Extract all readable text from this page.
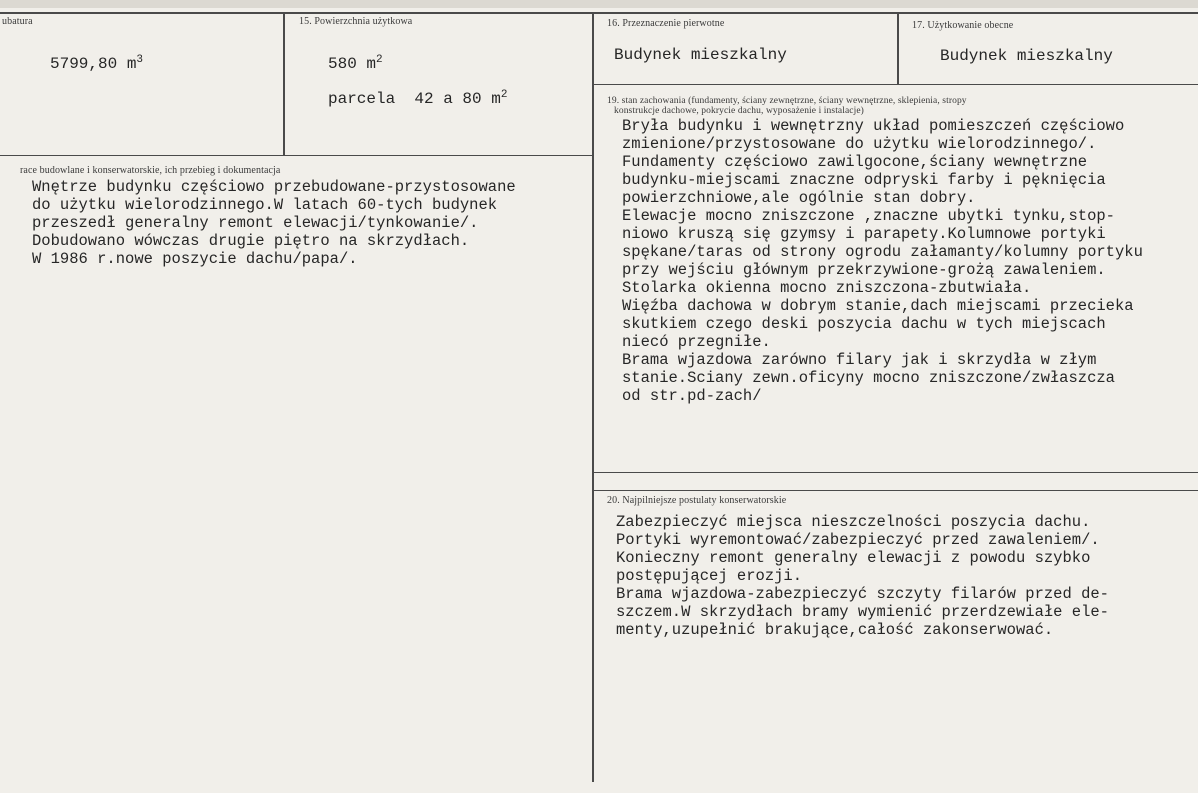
ubatura
5799,80 $m^3$
15. Powierzchnia użytkowa
580 $m^2$
parcela  42 a 80 $m^2$
16. Przeznaczenie pierwotne
Budynek mieszkalny
17. Użytkowanie obecne
Budynek mieszkalny
race budowlane i konserwatorskie, ich przebieg i dokumentacja
Wnętrze budynku częściowo przebudowane-przystosowane
do użytku wielorodzinnego.W latach 60-tych budynek
przeszedł generalny remont elewacji/tynkowanie/.
Dobudowano wówczas drugie piętro na skrzydłach.
W 1986 r.nowe poszycie dachu/papa/.
19. stan zachowania (fundamenty, ściany zewnętrzne, ściany wewnętrzne, sklepienia, stropy
konstrukcje dachowe, pokrycie dachu, wyposażenie i instalacje)
Bryła budynku i wewnętrzny układ pomieszczeń częściowo
zmienione/przystosowane do użytku wielorodzinnego/.
Fundamenty częściowo zawilgocone,ściany wewnętrzne
budynku-miejscami znaczne odpryski farby i pęknięcia
powierzchniowe,ale ogólnie stan dobry.
Elewacje mocno zniszczone ,znaczne ubytki tynku,stop-
niowo kruszą się gzymsy i parapety.Kolumnowe portyki
spękane/taras od strony ogrodu załamanty/kolumny portyku
przy wejściu głównym przekrzywione-grożą zawaleniem.
Stolarka okienna mocno zniszczona-zbutwiała.
Więźba dachowa w dobrym stanie,dach miejscami przecieka
skutkiem czego deski poszycia dachu w tych miejscach
niecó przegniłe.
Brama wjazdowa zarówno filary jak i skrzydła w złym
stanie.Sciany zewn.oficyny mocno zniszczone/zwłaszcza
od str.pd-zach/
20. Najpilniejsze postulaty konserwatorskie
Zabezpieczyć miejsca nieszczelności poszycia dachu.
Portyki wyremontować/zabezpieczyć przed zawaleniem/.
Konieczny remont generalny elewacji z powodu szybko
postępującej erozji.
Brama wjazdowa-zabezpieczyć szczyty filarów przed de-
szczem.W skrzydłach bramy wymienić przerdzewiałe ele-
menty,uzupełnić brakujące,całość zakonserwować.
